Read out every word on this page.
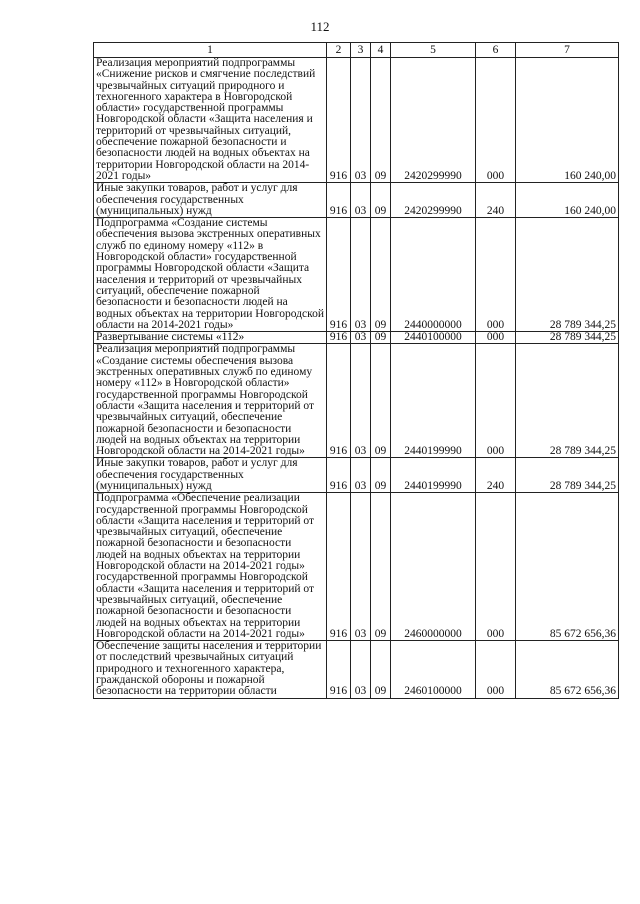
112
1	2	3	4	5	6	7
Реализация мероприятий подпрограммы «Снижение рисков и смягчение последствий чрезвычайных ситуаций природного и техногенного характера в Новгородской области» государственной программы Новгородской области «Защита населения и территорий от чрезвычайных ситуаций, обеспечение пожарной безопасности и безопасности людей на водных объектах на территории Новгородской области на 2014-2021 годы»	916	03	09	2420299990	000	160 240,00
Иные закупки товаров, работ и услуг для обеспечения государственных (муниципальных) нужд	916	03	09	2420299990	240	160 240,00
Подпрограмма «Создание системы обеспечения вызова экстренных оперативных служб по единому номеру «112» в Новгородской области» государственной программы Новгородской области «Защита населения и территорий от чрезвычайных ситуаций, обеспечение пожарной безопасности и безопасности людей на водных объектах на территории Новгородской области на 2014-2021 годы»	916	03	09	2440000000	000	28 789 344,25
Развертывание системы «112»	916	03	09	2440100000	000	28 789 344,25
Реализация мероприятий подпрограммы «Создание системы обеспечения вызова экстренных оперативных служб по единому номеру «112» в Новгородской области» государственной программы Новгородской области «Защита населения и территорий от чрезвычайных ситуаций, обеспечение пожарной безопасности и безопасности людей на водных объектах на территории Новгородской области на 2014-2021 годы»	916	03	09	2440199990	000	28 789 344,25
Иные закупки товаров, работ и услуг для обеспечения государственных (муниципальных) нужд	916	03	09	2440199990	240	28 789 344,25
Подпрограмма «Обеспечение реализации государственной программы Новгородской области «Защита населения и территорий от чрезвычайных ситуаций, обеспечение пожарной безопасности и безопасности людей на водных объектах на территории Новгородской области на 2014-2021 годы» государственной программы Новгородской области «Защита населения и территорий от чрезвычайных ситуаций, обеспечение пожарной безопасности и безопасности людей на водных объектах на территории Новгородской области на 2014-2021 годы»	916	03	09	2460000000	000	85 672 656,36
Обеспечение защиты населения и территории от последствий чрезвычайных ситуаций природного и техногенного характера, гражданской обороны и пожарной безопасности на территории области	916	03	09	2460100000	000	85 672 656,36
